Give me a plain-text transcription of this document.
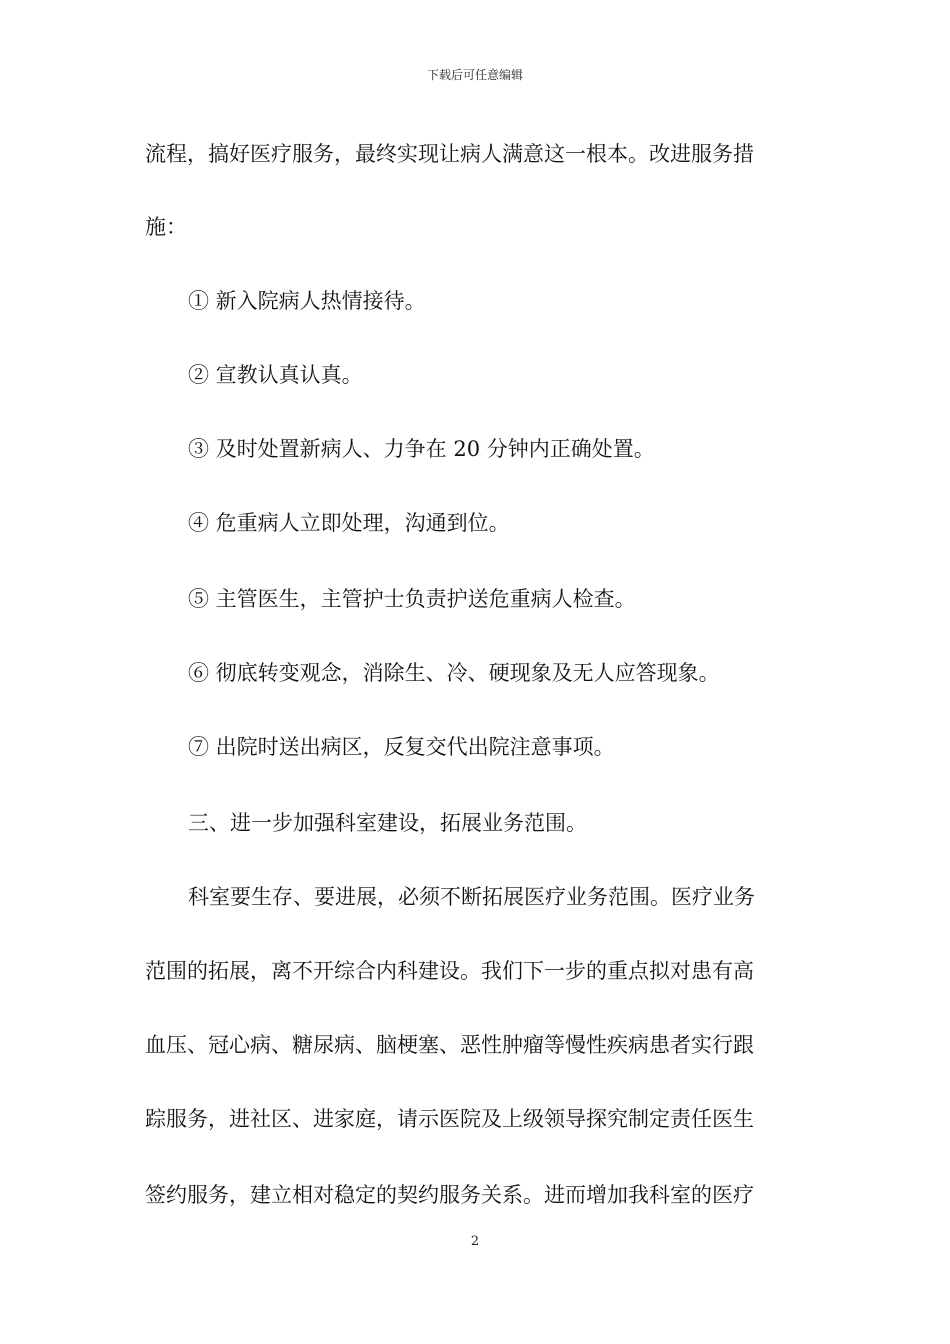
下载后可任意编辑
流程，搞好医疗服务，最终实现让病人满意这一根本。改进服务措
施：
① 新入院病人热情接待。
② 宣教认真认真。
③ 及时处置新病人、力争在 20 分钟内正确处置。
④ 危重病人立即处理，沟通到位。
⑤ 主管医生，主管护士负责护送危重病人检查。
⑥ 彻底转变观念，消除生、冷、硬现象及无人应答现象。
⑦ 出院时送出病区，反复交代出院注意事项。
三、进一步加强科室建设，拓展业务范围。
科室要生存、要进展，必须不断拓展医疗业务范围。医疗业务
范围的拓展，离不开综合内科建设。我们下一步的重点拟对患有高
血压、冠心病、糖尿病、脑梗塞、恶性肿瘤等慢性疾病患者实行跟
踪服务，进社区、进家庭，请示医院及上级领导探究制定责任医生
签约服务，建立相对稳定的契约服务关系。进而增加我科室的医疗
2
